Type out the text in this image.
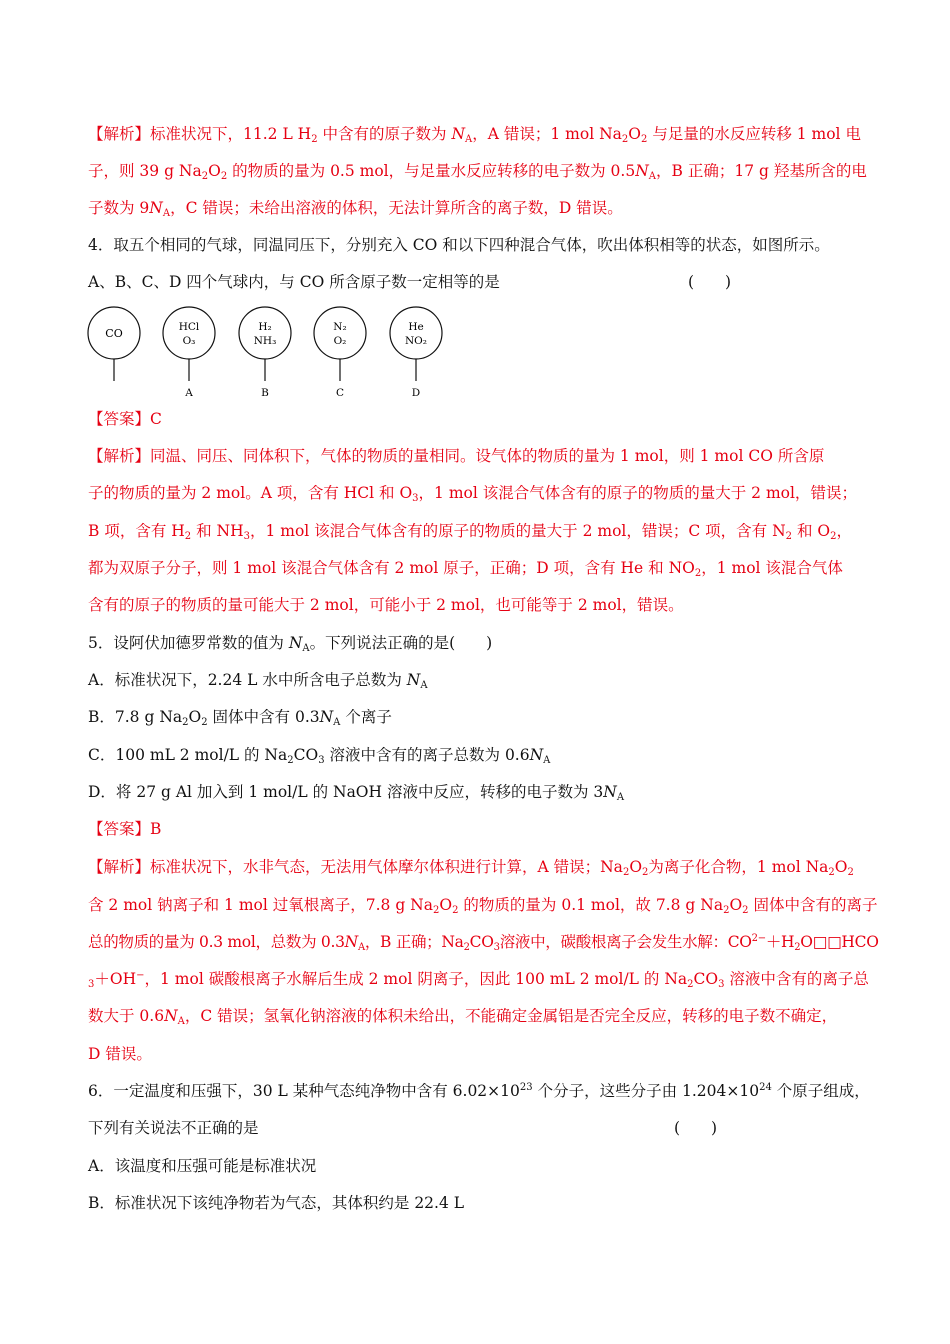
【解析】标准状况下，11.2 L $H_2$ 中含有的原子数为 $N_A$，A 错误；1 mol $Na_2O_2$ 与足量的水反应转移 1 mol 电
子，则 39 g $Na_2O_2$ 的物质的量为 0.5 mol，与足量水反应转移的电子数为 $0.5N_A$，B 正确；17 g 羟基所含的电
子数为 $9N_A$，C 错误；未给出溶液的体积，无法计算所含的离子数，D 错误。
4．取五个相同的气球，同温同压下，分别充入 CO 和以下四种混合气体，吹出体积相等的状态，如图所示。
A、B、C、D 四个气球内，与 CO 所含原子数一定相等的是	(　　)
CO	HCl
O₃
A
H₂
NH₃
B
N₂
O₂
C
He
NO₂
D
【答案】C
【解析】同温、同压、同体积下，气体的物质的量相同。设气体的物质的量为 1 mol，则 1 mol CO 所含原
子的物质的量为 2 mol。A 项，含有 HCl 和 $O_3$，1 mol 该混合气体含有的原子的物质的量大于 2 mol，错误；
B 项，含有 $H_2$ 和 $NH_3$，1 mol 该混合气体含有的原子的物质的量大于 2 mol，错误；C 项，含有 $N_2$ 和 $O_2$，
都为双原子分子，则 1 mol 该混合气体含有 2 mol 原子，正确；D 项，含有 He 和 $NO_2$，1 mol 该混合气体
含有的原子的物质的量可能大于 2 mol，可能小于 2 mol，也可能等于 2 mol，错误。
5．设阿伏加德罗常数的值为 $N_A$。下列说法正确的是(　　)
A．标准状况下，2.24 L 水中所含电子总数为 $N_A$
B．7.8 g $Na_2O_2$ 固体中含有 $0.3N_A$ 个离子
C．100 mL 2 mol/L 的 $Na_2CO_3$ 溶液中含有的离子总数为 $0.6N_A$
D．将 27 g Al 加入到 1 mol/L 的 NaOH 溶液中反应，转移的电子数为 $3N_A$
【答案】B
【解析】标准状况下，水非气态，无法用气体摩尔体积进行计算，A 错误；$Na_2O_2$为离子化合物，1 mol $Na_2O_2$
含 2 mol 钠离子和 1 mol 过氧根离子，7.8 g $Na_2O_2$ 的物质的量为 0.1 mol，故 7.8 g $Na_2O_2$ 固体中含有的离子
总的物质的量为 0.3 mol，总数为 $0.3N_A$，B 正确；$Na_2CO_3$溶液中，碳酸根离子会发生水解：$CO^{2-}+H_2O□□HCO$
$_3$＋OH−，1 mol 碳酸根离子水解后生成 2 mol 阴离子，因此 100 mL 2 mol/L 的 $Na_2CO_3$ 溶液中含有的离子总
数大于 $0.6N_A$，C 错误；氢氧化钠溶液的体积未给出，不能确定金属铝是否完全反应，转移的电子数不确定，
D 错误。
6．一定温度和压强下，30 L 某种气态纯净物中含有 $6.02\times 10^{23}$ 个分子，这些分子由 $1.204\times 10^{24}$ 个原子组成，
下列有关说法不正确的是	(　　)
A．该温度和压强可能是标准状况
B．标准状况下该纯净物若为气态，其体积约是 22.4 L
